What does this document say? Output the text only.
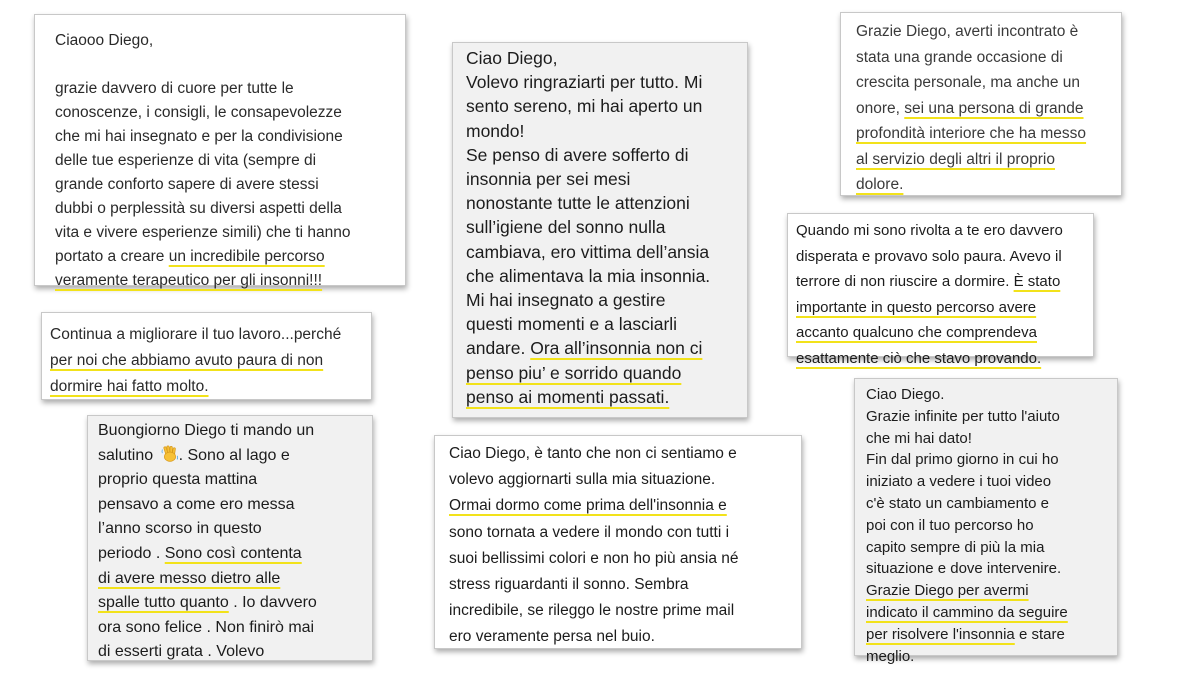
Ciaooo Diego,

grazie davvero di cuore per tutte le
conoscenze, i consigli, le consapevolezze
che mi hai insegnato e per la condivisione
delle tue esperienze di vita (sempre di
grande conforto sapere di avere stessi
dubbi o perplessità su diversi aspetti della
vita e vivere esperienze simili) che ti hanno
portato a creare un incredibile percorso
veramente terapeutico per gli insonni!!!
Ciao Diego,
Volevo ringraziarti per tutto. Mi
sento sereno, mi hai aperto un
mondo!
Se penso di avere sofferto di
insonnia per sei mesi
nonostante tutte le attenzioni
sull’igiene del sonno nulla
cambiava, ero vittima dell’ansia
che alimentava la mia insonnia.
Mi hai insegnato a gestire
questi momenti e a lasciarli
andare. Ora all’insonnia non ci
penso piu’ e sorrido quando
penso ai momenti passati.
Grazie Diego, averti incontrato è
stata una grande occasione di
crescita personale, ma anche un
onore, sei una persona di grande
profondità interiore che ha messo
al servizio degli altri il proprio
dolore.
Quando mi sono rivolta a te ero davvero
disperata e provavo solo paura. Avevo il
terrore di non riuscire a dormire. È stato
importante in questo percorso avere
accanto qualcuno che comprendeva
esattamente ciò che stavo provando.
Continua a migliorare il tuo lavoro...perché
per noi che abbiamo avuto paura di non
dormire hai fatto molto.
Buongiorno Diego ti mando un
salutino . Sono al lago e
proprio questa mattina
pensavo a come ero messa
l’anno scorso in questo
periodo . Sono così contenta
di avere messo dietro alle
spalle tutto quanto . Io davvero
ora sono felice . Non finirò mai
di esserti grata . Volevo
Ciao Diego, è tanto che non ci sentiamo e
volevo aggiornarti sulla mia situazione.
Ormai dormo come prima dell'insonnia e
sono tornata a vedere il mondo con tutti i
suoi bellissimi colori e non ho più ansia né
stress riguardanti il sonno. Sembra
incredibile, se rileggo le nostre prime mail
ero veramente persa nel buio.
Ciao Diego.
Grazie infinite per tutto l'aiuto
che mi hai dato!
Fin dal primo giorno in cui ho
iniziato a vedere i tuoi video
c'è stato un cambiamento e
poi con il tuo percorso ho
capito sempre di più la mia
situazione e dove intervenire.
Grazie Diego per avermi
indicato il cammino da seguire
per risolvere l'insonnia e stare
meglio.
